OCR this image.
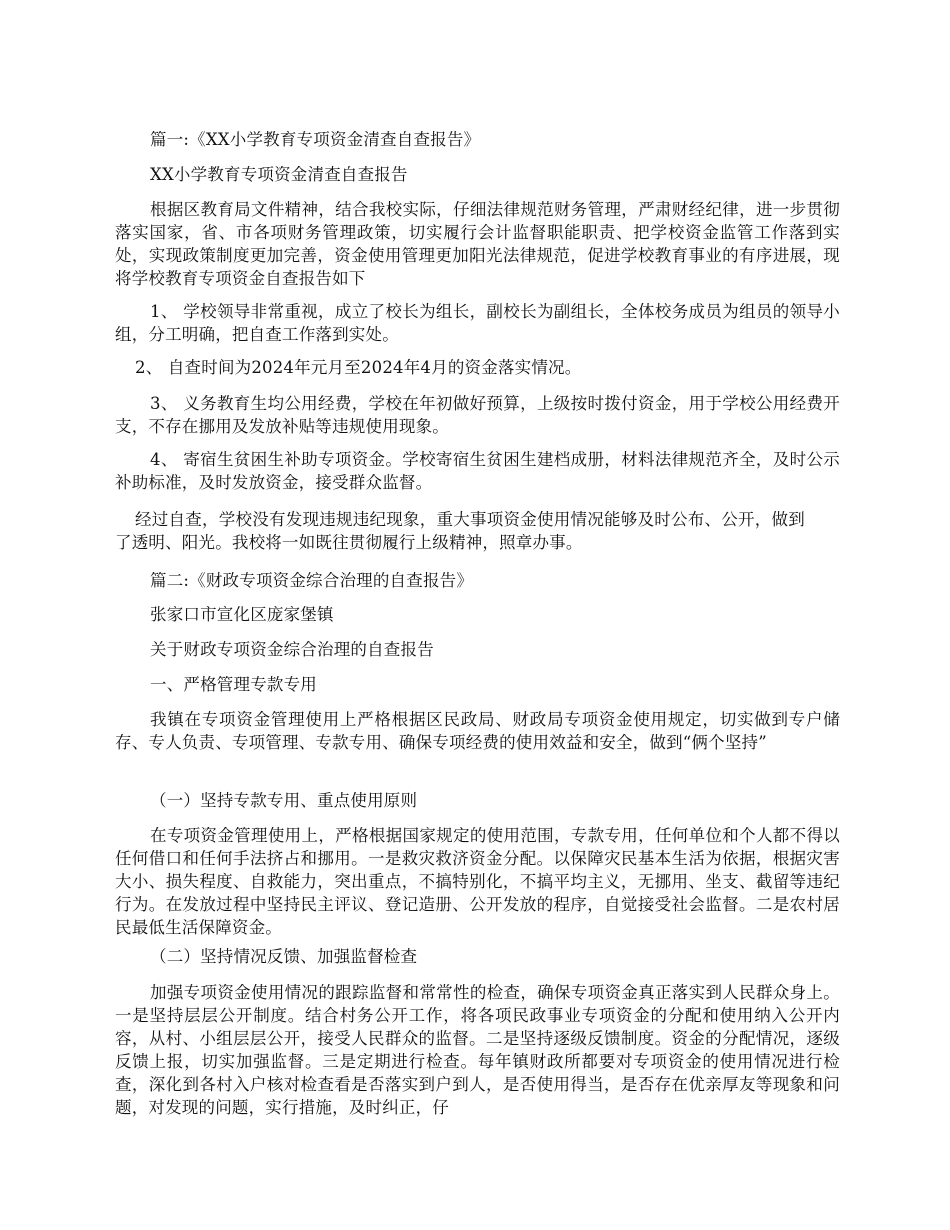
篇一:《XX小学教育专项资金清查自查报告》

XX小学教育专项资金清查自查报告

根据区教育局文件精神，结合我校实际，仔细法律规范财务管理，严肃财经纪律，进一步贯彻落实国家，省、市各项财务管理政策，切实履行会计监督职能职责、把学校资金监管工作落到实处，实现政策制度更加完善，资金使用管理更加阳光法律规范，促进学校教育事业的有序进展，现将学校教育专项资金自查报告如下

1、 学校领导非常重视，成立了校长为组长，副校长为副组长，全体校务成员为组员的领导小组，分工明确，把自查工作落到实处。

2、 自查时间为2024年元月至2024年4月的资金落实情况。

3、 义务教育生均公用经费，学校在年初做好预算，上级按时拨付资金，用于学校公用经费开支，不存在挪用及发放补贴等违规使用现象。

4、 寄宿生贫困生补助专项资金。学校寄宿生贫困生建档成册，材料法律规范齐全，及时公示补助标准，及时发放资金，接受群众监督。

经过自查，学校没有发现违规违纪现象，重大事项资金使用情况能够及时公布、公开，做到了透明、阳光。我校将一如既往贯彻履行上级精神，照章办事。

篇二:《财政专项资金综合治理的自查报告》

张家口市宣化区庞家堡镇

关于财政专项资金综合治理的自查报告

一、严格管理专款专用

我镇在专项资金管理使用上严格根据区民政局、财政局专项资金使用规定，切实做到专户储存、专人负责、专项管理、专款专用、确保专项经费的使用效益和安全，做到“俩个坚持”

（一）坚持专款专用、重点使用原则

在专项资金管理使用上，严格根据国家规定的使用范围，专款专用，任何单位和个人都不得以任何借口和任何手法挤占和挪用。一是救灾救济资金分配。以保障灾民基本生活为依据，根据灾害大小、损失程度、自救能力，突出重点，不搞特别化，不搞平均主义，无挪用、坐支、截留等违纪行为。在发放过程中坚持民主评议、登记造册、公开发放的程序，自觉接受社会监督。二是农村居民最低生活保障资金。

（二）坚持情况反馈、加强监督检查

加强专项资金使用情况的跟踪监督和常常性的检查，确保专项资金真正落实到人民群众身上。一是坚持层层公开制度。结合村务公开工作，将各项民政事业专项资金的分配和使用纳入公开内容，从村、小组层层公开，接受人民群众的监督。二是坚持逐级反馈制度。资金的分配情况，逐级反馈上报，切实加强监督。三是定期进行检查。每年镇财政所都要对专项资金的使用情况进行检查，深化到各村入户核对检查看是否落实到户到人，是否使用得当，是否存在优亲厚友等现象和问题，对发现的问题，实行措施，及时纠正，仔
